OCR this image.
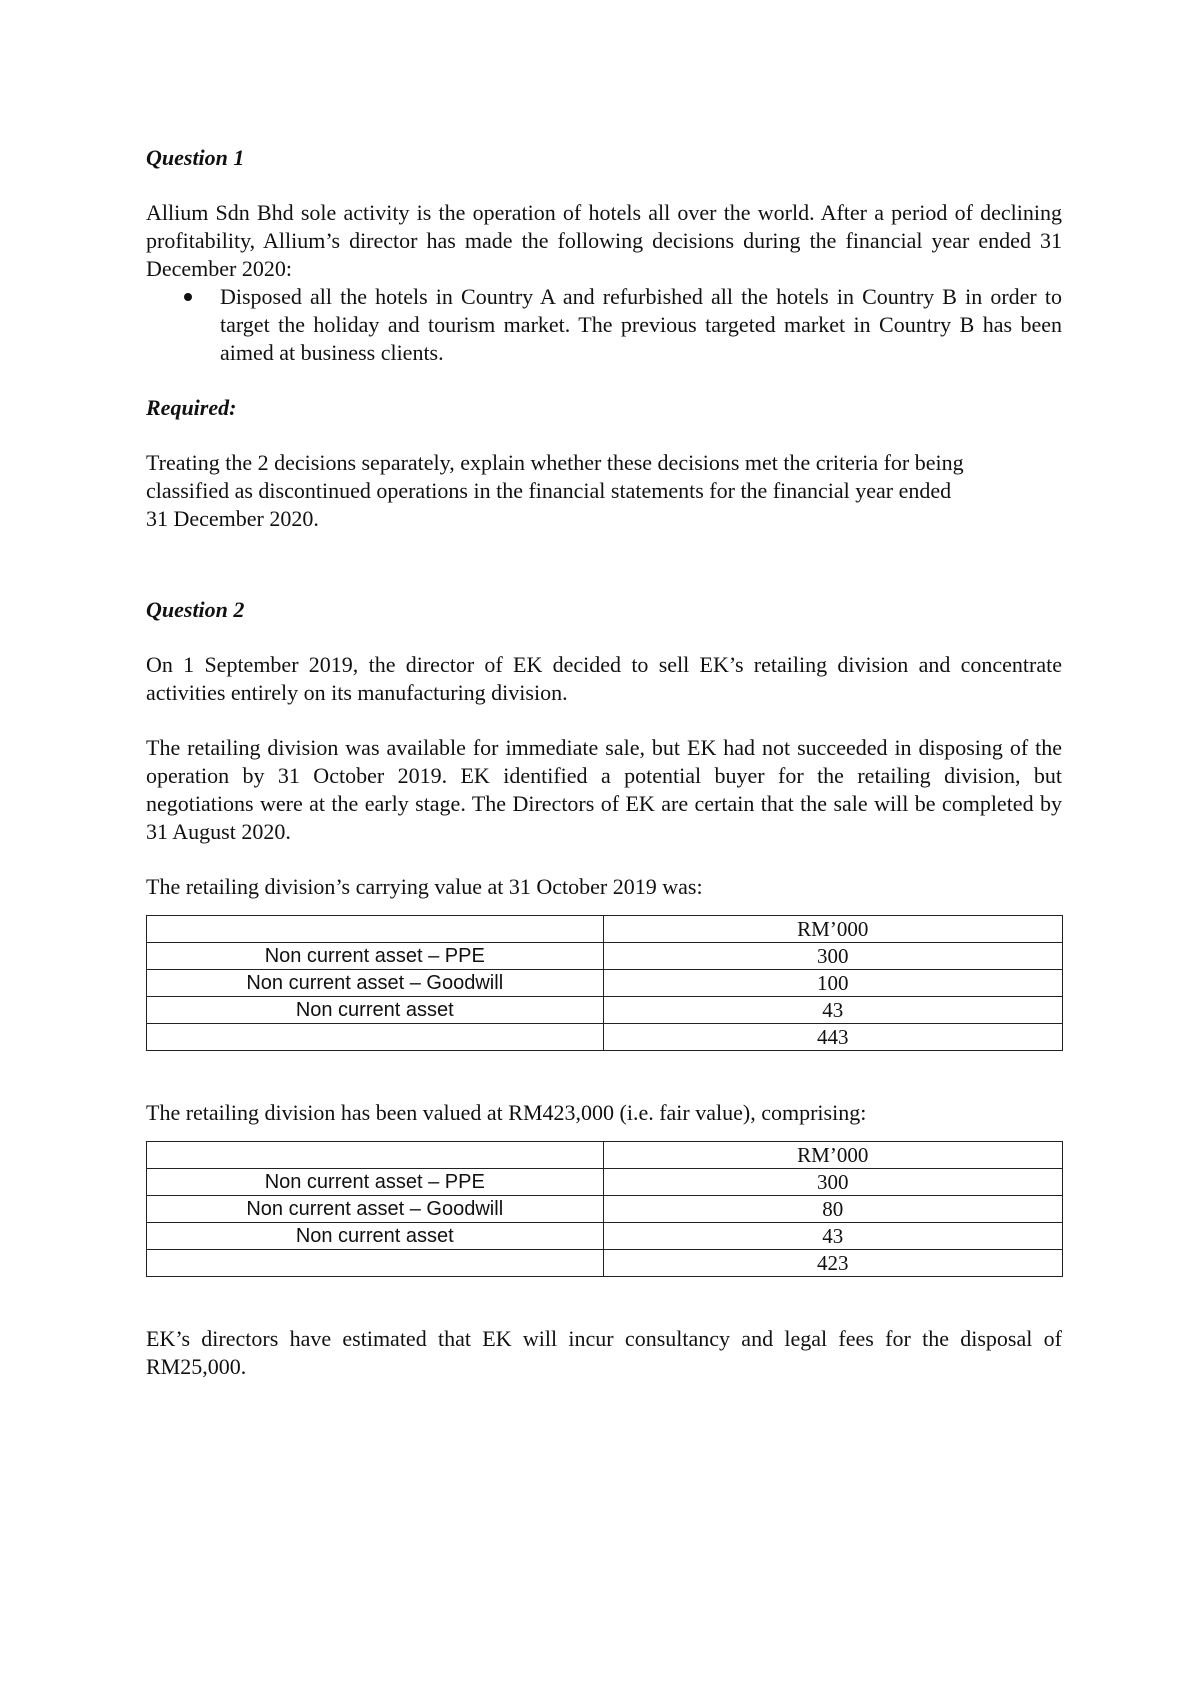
Question 1

Allium Sdn Bhd sole activity is the operation of hotels all over the world. After a period of declining profitability, Allium’s director has made the following decisions during the financial year ended 31 December 2020:

Disposed all the hotels in Country A and refurbished all the hotels in Country B in order to target the holiday and tourism market. The previous targeted market in Country B has been aimed at business clients.

Required:

Treating the 2 decisions separately, explain whether these decisions met the criteria for being

classified as discontinued operations in the financial statements for the financial year ended

31 December 2020.

Question 2

On 1 September 2019, the director of EK decided to sell EK’s retailing division and concentrate activities entirely on its manufacturing division.

The retailing division was available for immediate sale, but EK had not succeeded in disposing of the operation by 31 October 2019. EK identified a potential buyer for the retailing division, but negotiations were at the early stage. The Directors of EK are certain that the sale will be completed by 31 August 2020.

The retailing division’s carrying value at 31 October 2019 was:

	RM’000
Non current asset – PPE	300
Non current asset – Goodwill	100
Non current asset	43
	443

The retailing division has been valued at RM423,000 (i.e. fair value), comprising:

	RM’000
Non current asset – PPE	300
Non current asset – Goodwill	80
Non current asset	43
	423

EK’s directors have estimated that EK will incur consultancy and legal fees for the disposal of RM25,000.
